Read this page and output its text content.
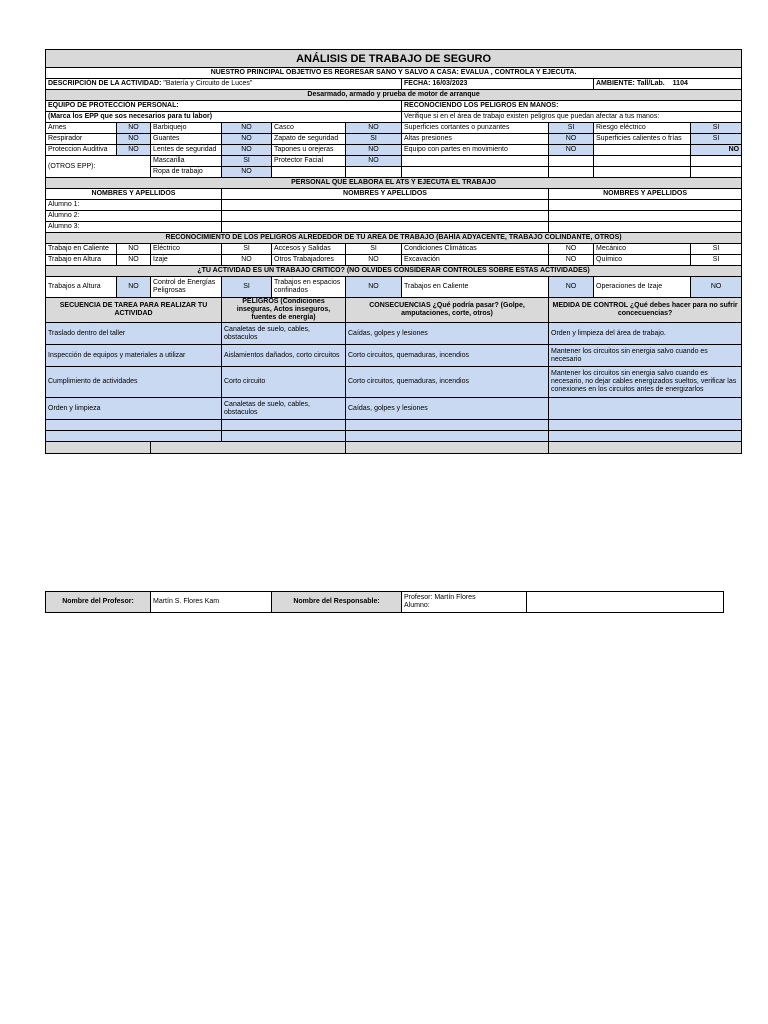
ANÁLISIS DE TRABAJO DE SEGURO									
NUESTRO PRINCIPAL OBJETIVO ES REGRESAR SANO Y SALVO A CASA: EVALUA , CONTROLA Y EJECUTA.									
DESCRIPCIÓN DE LA ACTIVIDAD: "Batería y Circuito de Luces"						FECHA: 16/03/2023		AMBIENTE: Tall/Lab. 1104	
Desarmado, armado y prueba de motor de arranque									
EQUIPO DE PROTECCIÓN PERSONAL:						RECONOCIENDO LOS PELIGROS EN MANOS:			
(Marca los EPP que sos necesarios para tu labor)						Verifique si en el área de trabajo existen peligros que puedan afectar a tus manos:			
Arnes	NO	Barbiquejo	NO	Casco	NO	Superficies cortantes o punzantes	SI	Riesgo eléctrico	SI
Respirador	NO	Guantes	NO	Zapato de seguridad	SI	Altas presiones	NO	Superficies calientes o frías	SI
Proteccion Auditiva	NO	Lentes de seguridad	NO	Tapones u orejeras	NO	Equipo con partes en movimiento	NO		NO
(OTROS EPP):		Mascarilla	SI	Protector Facial	NO				
		Ropa de trabajo	NO						
PERSONAL QUE ELABORA EL ATS Y EJECUTA EL TRABAJO									
NOMBRES Y APELLIDOS			NOMBRES Y APELLIDOS				NOMBRES Y APELLIDOS		
Alumno 1:									
Alumno 2:									
Alumno 3:									
RECONOCIMIENTO DE LOS PELIGROS ALREDEDOR DE TU AREA DE TRABAJO (BAHÍA ADYACENTE, TRABAJO COLINDANTE, OTROS)									
Trabajo en Caliente	NO	Eléctrico	SI	Accesos y Salidas	SI	Condiciones Climáticas	NO	Mecánico	SI
Trabajo en Altura	NO	Izaje	NO	Otros Trabajadores	NO	Excavación	NO	Químico	SI
¿TU ACTIVIDAD ES UN TRABAJO CRITICO? (NO OLVIDES CONSIDERAR CONTROLES SOBRE ESTAS ACTIVIDADES)									
Trabajos a Altura	NO	Control de Energías Peligrosas	SI	Trabajos en espacios confinados	NO	Trabajos en Caliente	NO	Operaciones de Izaje	NO
SECUENCIA DE TAREA PARA REALIZAR TU ACTIVIDAD			PELIGROS (Condiciones inseguras, Actos inseguros, fuentes de energía)		CONSECUENCIAS ¿Qué podría pasar? (Golpe, amputaciones, corte, otros)		MEDIDA DE CONTROL ¿Qué debes hacer para no sufrir concecuencias?		
Traslado dentro del taller			Canaletas de suelo, cables, obstaculos		Caídas, golpes y lesiones		Orden y limpieza del área de trabajo.		
Inspección de equipos y materiales a utilizar			Aislamientos dañados, corto circuitos		Corto circuitos, quemaduras, incendios		Mantener los circuitos sin energia salvo cuando es necesario		
Cumplimiento de actividades			Corto circuito		Corto circuitos, quemaduras, incendios		Mantener los circuitos sin energia salvo cuando es necesario, no dejar cables energizados sueltos, verificar las conexiones en los circuitos antes de energizarlos		
Orden y limpieza			Canaletas de suelo, cables, obstaculos		Caídas, golpes y lesiones				

Nombre del Profesor:	Martín S. Flores Kam	Nombre del Responsable:	
Profesor: Martín Flores
Alumno:
